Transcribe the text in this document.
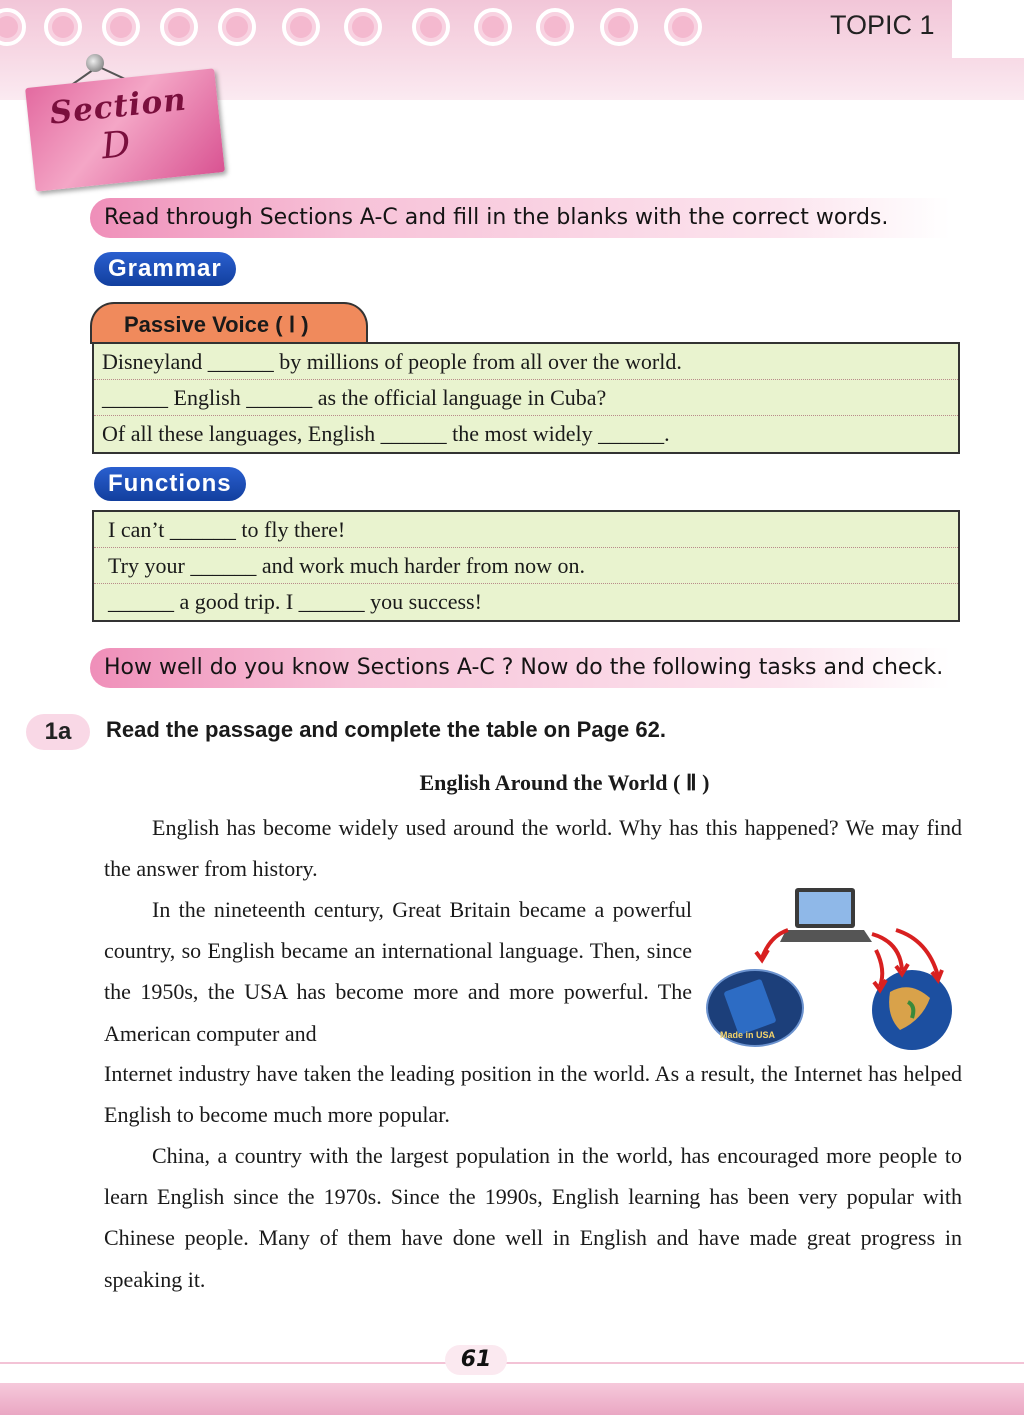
TOPIC 1
Section
D
Read through Sections A-C and fill in the blanks with the correct words.
Grammar
Passive Voice ( Ⅰ )
Disneyland ______ by millions of people from all over the world.
______ English ______ as the official language in Cuba?
Of all these languages, English ______ the most widely ______.
Functions
I can’t ______ to fly there!
Try your ______ and work much harder from now on.
______ a good trip. I ______ you success!
How well do you know Sections A-C ? Now do the following tasks and check.
1a	Read the passage and complete the table on Page 62.
English Around the World ( Ⅱ )

English has become widely used around the world. Why has this happened? We may find the answer from history.

In the nineteenth century, Great Britain became a powerful country, so English became an international language. Then, since the 1950s, the USA has become more and more powerful. The American computer and

Internet industry have taken the leading position in the world. As a result, the Internet has helped English to become much more popular.

China, a country with the largest population in the world, has encouraged more people to learn English since the 1970s. Since the 1990s, English learning has been very popular with Chinese people. Many of them have done well in English and have made great progress in speaking it.

Made in USA
61
